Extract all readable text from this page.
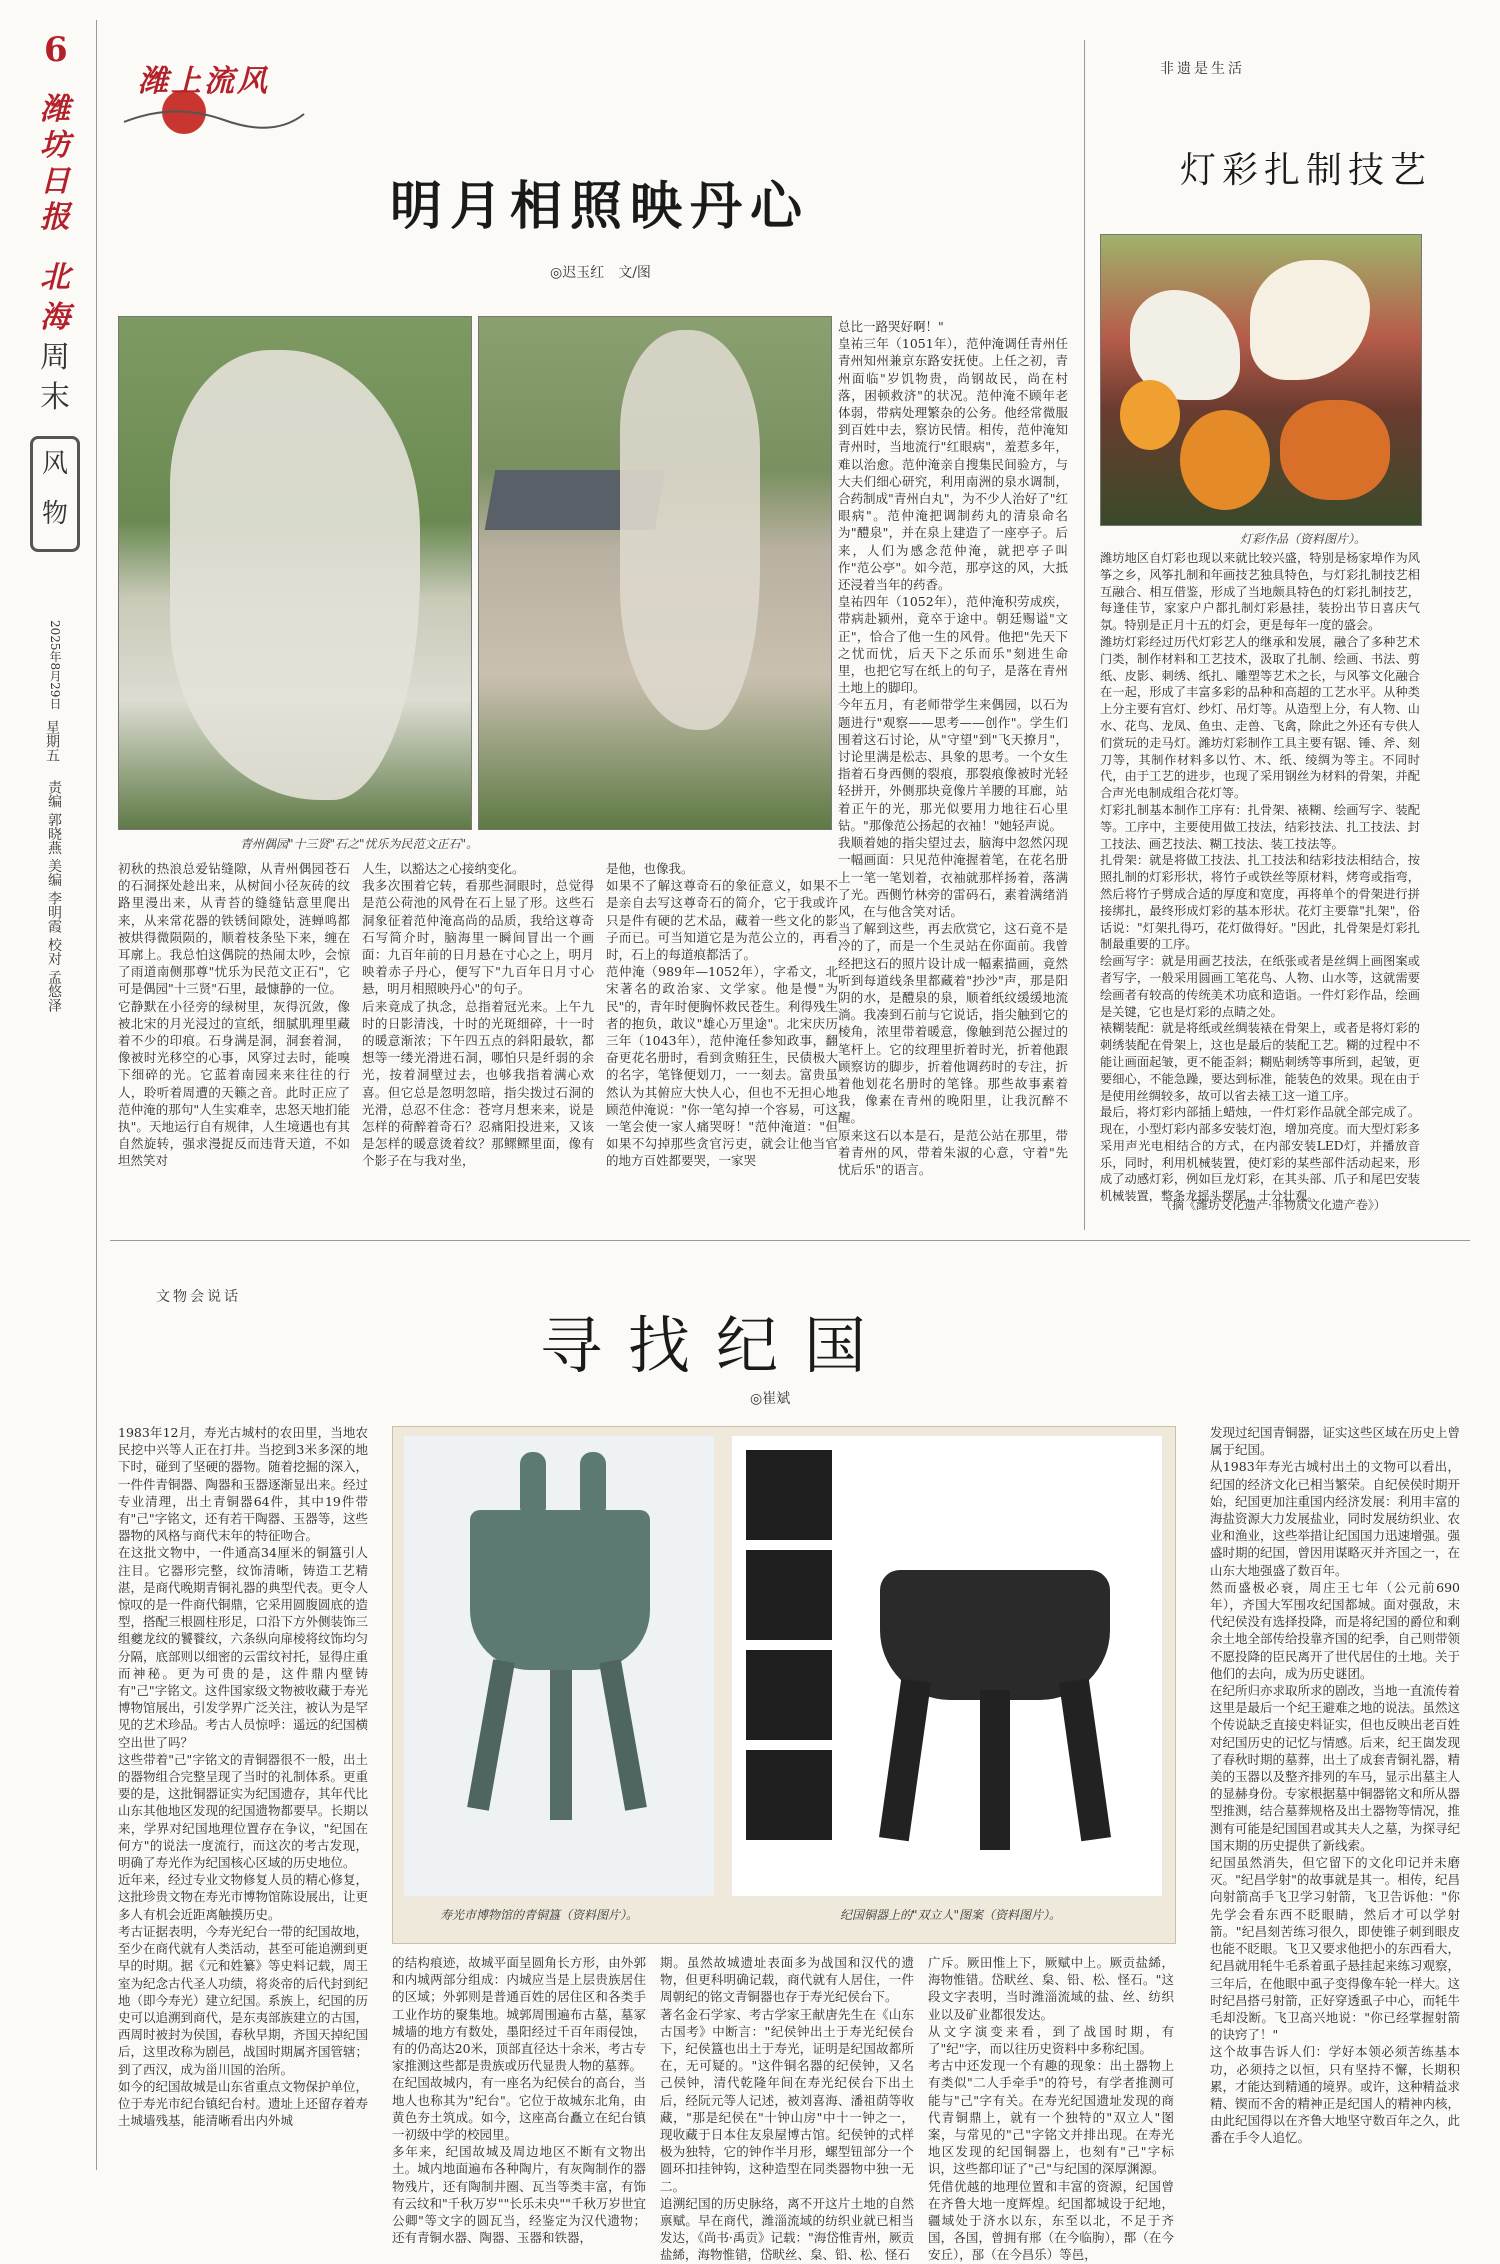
6
潍坊日报
北海
周末
风物
2025年8月29日
星期五
责编 郭晓燕 美编 李明霞 校对 孟悠泽
潍上流风
明月相照映丹心
◎迟玉红　文/图
青州偶园"十三贤"石之"忧乐为民范文正石"。
初秋的热浪总爱钻缝隙，从青州偶园苍石的石洞探处趁出来，从树间小径灰砖的纹路里漫出来，从青苔的缝缝钻意里爬出来，从来常花器的铁锈间隙处，涟蝉鸣都被烘得微陨陨的，顺着枝条坠下来，缠在耳廓上。我总怕这偶院的热闹太吵，会惊了雨道南侧那尊"忧乐为民范文正石"，它可是偶园"十三贤"石里，最慷静的一位。
它静默在小径旁的绿树里，灰得沉敛，像被北宋的月光浸过的宣纸，细腻肌理里藏着不少的印痕。石身满是洞，洞套着洞，像被时光移空的心事，风穿过去时，能嗅下细碎的光。它蓝着南园来来往往的行人，聆听着周遭的天籁之音。此时正应了范仲淹的那句"人生实难幸，忠怒天地扪能执"。天地运行自有规律，人生境遇也有其自然旋转，强求漫捉反而违背天道，不如坦然笑对
人生，以豁达之心接纳变化。
我多次围着它转，看那些洞眼时，总觉得是范公荷池的风骨在石上显了形。这些石洞象征着范仲淹高尚的品质，我给这尊奇石写简介时，脑海里一瞬间冒出一个画面：九百年前的日月悬在寸心之上，明月映着赤子丹心，便写下"九百年日月寸心悬，明月相照映丹心"的句子。
后来竟成了执念，总指着冠光来。上午九时的日影清浅，十时的光斑细碎，十一时的暖意渐浓；下午四五点的斜阳最软，都想等一缕光滑进石洞，哪怕只是纤弱的余光，按着洞壁过去，也够我指着满心欢喜。但它总是忽明忽暗，指尖拨过石洞的光滑，总忍不住念：苍穹月想来来，说是怎样的荷醉着奇石？忍痛阳投进来，又该是怎样的暖意烫着纹？那鳏鳏里面，像有个影子在与我对坐，
是他，也像我。
如果不了解这尊奇石的象征意义，如果不是亲自去写这尊奇石的简介，它于我或许只是件有硬的艺术品，藏着一些文化的影子而已。可当知道它是为范公立的，再看时，石上的每道痕都活了。
范仲淹（989年—1052年），字希文，北宋著名的政治家、文学家。他是慢"为民"的，青年时便胸怀救民苍生。利得残生者的抱负，敢议"雄心万里途"。北宋庆历三年（1043年），范仲淹任参知政事，翻奋更花名册时，看到贪贿狂生，民债极大的名字，笔锋便划刀，一一刻去。富贵虽然认为其俯应大快人心，但也不无担心地顾范仲淹说："你一笔勾掉一个容易，可这一笔会使一家人痛哭呀！"范仲淹道："但如果不勾掉那些贪官污吏，就会让他当官的地方百姓都要哭，一家哭
总比一路哭好啊！"
皇祐三年（1051年），范仲淹调任青州任青州知州兼京东路安抚使。上任之初，青州面临"岁饥物贵，尚钢故民，尚在村落，困顿救济"的状况。范仲淹不顾年老体弱，带病处理繁杂的公务。他经常微服到百姓中去，察访民情。相传，范仲淹知青州时，当地流行"红眼病"，羞惹多年，难以治愈。范仲淹亲自搜集民间验方，与大夫们细心研究，利用南洲的泉水调制，合药制成"青州白丸"，为不少人治好了"红眼病"。范仲淹把调制药丸的清泉命名为"醴泉"，并在泉上建造了一座亭子。后来，人们为感念范仲淹，就把亭子叫作"范公亭"。如今范，那亭这的风，大抵还浸着当年的药香。
皇祐四年（1052年），范仲淹积劳成疾，带病赴颍州，竟卒于途中。朝廷赐谥"文正"，恰合了他一生的风骨。他把"先天下之忧而忧，后天下之乐而乐"刻进生命里，也把它写在纸上的句子，是落在青州土地上的脚印。
今年五月，有老师带学生来偶园，以石为题进行"观察——思考——创作"。学生们围着这石讨论，从"守望"到"飞天撩月"，讨论里满是松志、具象的思考。一个女生指着石身西侧的裂痕，那裂痕像被时光轻轻拼开，外侧那块竟像片羊腰的耳廊，站着正午的光，那光似要用力地往石心里钻。"那像范公扬起的衣袖！"她轻声说。
我顺着她的指尖望过去，脑海中忽然闪现一幅画面：只见范仲淹握着笔，在花名册上一笔一笔划着，衣袖就那样扬着，落满了光。西侧竹林旁的雷码石，素着满绪消风，在与他含笑对话。
当了解到这些，再去欣赏它，这石竟不是冷的了，而是一个生灵站在你面前。我曾经把这石的照片设计成一幅素描画，竟然听到每道线条里都藏着"抄沙"声，那是阳阴的水，是醴泉的泉，顺着纸纹缓缓地流淌。我凑到石前与它说话，指尖触到它的棱角，浓里带着暖意，像触到范公握过的笔杆上。它的纹理里折着时光，折着他跟顾察访的脚步，折着他调药时的专注，折着他划花名册时的笔锋。那些故事素着我，像素在青州的晚阳里，让我沉醉不醒。
原来这石以本是石，是范公站在那里，带着青州的风，带着朱淑的心意，守着"先忧后乐"的语言。
非遗是生活
灯彩扎制技艺
灯彩作品（资料图片）。
潍坊地区自灯彩也现以来就比较兴盛，特别是杨家埠作为风筝之乡，风筝扎制和年画技艺独具特色，与灯彩扎制技艺相互融合、相互借鉴，形成了当地颇具特色的灯彩扎制技艺，每逢佳节，家家户户都扎制灯彩悬挂，装扮出节日喜庆气氛。特别是正月十五的灯会，更是每年一度的盛会。
潍坊灯彩经过历代灯彩艺人的继承和发展，融合了多种艺术门类，制作材料和工艺技术，汲取了扎制、绘画、书法、剪纸、皮影、刺绣、纸扎、雕塑等艺术之长，与风筝文化融合在一起，形成了丰富多彩的品种和高超的工艺水平。从种类上分主要有宫灯、纱灯、吊灯等。从造型上分，有人物、山水、花鸟、龙凤、鱼虫、走兽、飞禽，除此之外还有专供人们赏玩的走马灯。潍坊灯彩制作工具主要有锯、锤、斧、刻刀等，其制作材料多以竹、木、纸、绫绸为等主。不同时代，由于工艺的进步，也现了采用钢丝为材料的骨架，并配合声光电制成组合花灯等。
灯彩扎制基本制作工序有：扎骨架、裱糊、绘画写字、装配等。工序中，主要使用做工技法，结彩技法、扎工技法、封工技法、画艺技法、糊工技法、装工技法等。
扎骨架：就是将做工技法、扎工技法和结彩技法相结合，按照扎制的灯彩形状，将竹子或铁丝等原材料，烤弯或指弯，然后将竹子劈成合适的厚度和宽度，再将单个的骨架进行拼接绑扎，最终形成灯彩的基本形状。花灯主要靠"扎架"，俗话说："灯架扎得巧，花灯做得好。"因此，扎骨架是灯彩扎制最重要的工序。
绘画写字：就是用画艺技法，在纸张或者是丝绸上画图案或者写字，一般采用圆画工笔花鸟、人物、山水等，这就需要绘画者有较高的传统美术功底和造诣。一件灯彩作品，绘画是关键，它也是灯彩的点睛之处。
裱糊装配：就是将纸或丝绸装裱在骨架上，或者是将灯彩的刺绣装配在骨架上，这也是最后的装配工艺。糊的过程中不能让画面起皱，更不能歪斜；糊贴刺绣等事所到，起皱，更要细心，不能急躁，要达到标准，能装色的效果。现在由于是使用丝绸较多，故可以省去裱工这一道工序。
最后，将灯彩内部插上蜡烛，一件灯彩作品就全部完成了。现在，小型灯彩内部多安装灯泡，增加亮度。而大型灯彩多采用声光电相结合的方式，在内部安装LED灯，并播放音乐，同时，利用机械装置，使灯彩的某些部件活动起来，形成了动感灯彩，例如巨龙灯彩，在其头部、爪子和尾巴安装机械装置，整条龙摇头摆尾，十分壮观。
（摘《潍坊文化遗产·非物质文化遗产卷》）
文物会说话
寻找纪国
◎崔斌
1983年12月，寿光古城村的农田里，当地农民挖中兴等人正在打井。当挖到3米多深的地下时，碰到了坚硬的器物。随着挖掘的深入，一件件青铜器、陶器和玉器逐渐显出来。经过专业清理，出土青铜器64件，其中19件带有"己"字铭文，还有若干陶器、玉器等，这些器物的风格与商代末年的特征吻合。
在这批文物中，一件通高34厘米的铜簋引人注目。它器形完整，纹饰清晰，铸造工艺精湛，是商代晚期青铜礼器的典型代表。更令人惊叹的是一件商代铜鼎，它采用圆腹圆底的造型，搭配三根圆柱形足，口沿下方外侧装饰三组夔龙纹的饕餮纹，六条纵向扉棱将纹饰均匀分隔，底部则以细密的云雷纹衬托，显得庄重而神秘。更为可贵的是，这件鼎内壁铸有"己"字铭文。这件国家级文物被收藏于寿光博物馆展出，引发学界广泛关注，被认为是罕见的艺术珍品。考古人员惊呼：遥远的纪国横空出世了吗？
这些带着"己"字铭文的青铜器很不一般，出土的器物组合完整呈现了当时的礼制体系。更重要的是，这批铜器证实为纪国遗存，其年代比山东其他地区发现的纪国遗物都要早。长期以来，学界对纪国地理位置存在争议，"纪国在何方"的说法一度流行，而这次的考古发现，明确了寿光作为纪国核心区域的历史地位。
近年来，经过专业文物修复人员的精心修复，这批珍贵文物在寿光市博物馆陈设展出，让更多人有机会近距离触摸历史。
考古证据表明，今寿光纪台一带的纪国故地，至少在商代就有人类活动，甚至可能追溯到更早的时期。据《元和姓纂》等史料记载，周王室为纪念古代圣人功绩，将炎帝的后代封到纪地（即今寿光）建立纪国。系族上，纪国的历史可以追溯到商代，是东夷部族建立的古国，西周时被封为侯国，春秋早期，齐国天掉纪国后，这里改称为剧邑，战国时期属齐国管辖；到了西汉，成为甾川国的治所。
如今的纪国故城是山东省重点文物保护单位，位于寿光市纪台镇纪台村。遗址上还留存着寿土城墙残基，能清晰看出内外城
寿光市博物馆的青铜簋（资料图片）。	纪国铜器上的"双立人"图案（资料图片）。
的结构痕迹，故城平面呈圆角长方形，由外郭和内城两部分组成：内城应当是上层贵族居住的区域；外郭则是普通百姓的居住区和各类手工业作坊的聚集地。城郭周围遍布古墓，墓冢城墙的地方有数处，墨阳经过千百年雨侵蚀，有的仍高达20米，顶部直径达十余米，考古专家推测这些都是贵族或历代显贵人物的墓葬。
在纪国故城内，有一座名为纪侯台的高台，当地人也称其为"纪台"。它位于故城东北角，由黄色夯土筑成。如今，这座高台矗立在纪台镇一初级中学的校园里。
多年来，纪国故城及周边地区不断有文物出土。城内地面遍布各种陶片，有灰陶制作的器物残片，还有陶制井圈、瓦当等类丰富，有饰有云纹和"千秋万岁""长乐未央""千秋万岁世宜公卿"等文字的圆瓦当，经鉴定为汉代遗物；还有青铜水器、陶器、玉器和铁器，
期。虽然故城遗址表面多为战国和汉代的遗物，但更科明确记载，商代就有人居住，一件周朝纪的铭文青铜器也存于寿光纪侯台下。
著名金石学家、考古学家王献唐先生在《山东古国考》中断言："纪侯钟出土于寿光纪侯台下，纪侯簋也出土于寿光，证明是纪国故都所在，无可疑的。"这件铜名器的纪侯钟，又名己侯钟，清代乾隆年间在寿光纪侯台下出土后，经阮元等人记述，被刘喜海、潘祖荫等收藏，"那是纪侯在"十钟山房"中十一钟之一，现收藏于日本住友泉屋博古馆。纪侯钟的式样极为独特，它的钟作半月形，螺型钮部分一个圆环扣挂钟钩，这种造型在同类器物中独一无二。
追溯纪国的历史脉络，离不开这片土地的自然禀赋。早在商代，潍淄流域的纺织业就已相当发达，《尚书·禹贡》记载："海岱惟青州，厥贡盐絺，海物惟错，岱畎丝、枲、铅、松、怪石
广斥。厥田惟上下，厥赋中上。厥贡盐絺，海物惟错。岱畎丝、枲、铅、松、怪石。"这段文字表明，当时潍淄流域的盐、丝、纺织业以及矿业都很发达。
从文字演变来看，到了战国时期，有了"纪"字，而以往历史资料中多称纪国。
考古中还发现一个有趣的现象：出土器物上有类似"二人手牵手"的符号，有学者推测可能与"己"字有关。在寿光纪国遗址发现的商代青铜鼎上，就有一个独特的"双立人"图案，与常见的"己"字铭文并排出现。在寿光地区发现的纪国铜器上，也刻有"己"字标识，这些都印证了"己"与纪国的深厚渊源。
凭借优越的地理位置和丰富的资源，纪国曾在齐鲁大地一度辉煌。纪国都城设于纪地，疆域处于济水以东，东至以北，不足于齐国，各国，曾拥有郱（在今临朐），鄑（在今安丘），郚（在今昌乐）等邑，
发现过纪国青铜器，证实这些区域在历史上曾属于纪国。
从1983年寿光古城村出土的文物可以看出，纪国的经济文化已相当繁荣。自纪侯侯时期开始，纪国更加注重国内经济发展：利用丰富的海盐资源大力发展盐业，同时发展纺织业、农业和渔业，这些举措让纪国国力迅速增强。强盛时期的纪国，曾因用谋略灭并齐国之一，在山东大地强盛了数百年。
然而盛极必衰，周庄王七年（公元前690年），齐国大军围攻纪国都城。面对强敌，末代纪侯没有选择投降，而是将纪国的爵位和剩余土地全部传给投靠齐国的纪季，自己则带领不愿投降的臣民离开了世代居住的土地。关于他们的去向，成为历史谜团。
在纪所归亦求取所求的剧改，当地一直流传着这里是最后一个纪王避难之地的说法。虽然这个传说缺乏直接史料证实，但也反映出老百姓对纪国历史的记忆与情感。后来，纪王崮发现了春秋时期的墓葬，出土了成套青铜礼器，精美的玉器以及整齐排列的车马，显示出墓主人的显赫身份。专家根据墓中铜器铭文和所从器型推测，结合墓葬规格及出土器物等情况，推测有可能是纪国国君或其夫人之墓，为探寻纪国末期的历史提供了新线索。
纪国虽然消失，但它留下的文化印记并未磨灭。"纪昌学射"的故事就是其一。相传，纪昌向射箭高手飞卫学习射箭，飞卫告诉他："你先学会看东西不眨眼睛，然后才可以学射箭。"纪昌刻苦练习很久，即使锥子刺到眼皮也能不眨眼。飞卫又要求他把小的东西看大，纪昌就用牦牛毛系着虱子悬挂起来练习观察，三年后，在他眼中虱子变得像车轮一样大。这时纪昌搭弓射箭，正好穿透虱子中心，而牦牛毛却没断。飞卫高兴地说："你已经掌握射箭的诀窍了！"
这个故事告诉人们：学好本领必须苦练基本功，必须持之以恒，只有坚持不懈，长期积累，才能达到精通的境界。或许，这种精益求精、锲而不舍的精神正是纪国人的精神内核，由此纪国得以在齐鲁大地坚守数百年之久，此番在手令人追忆。
